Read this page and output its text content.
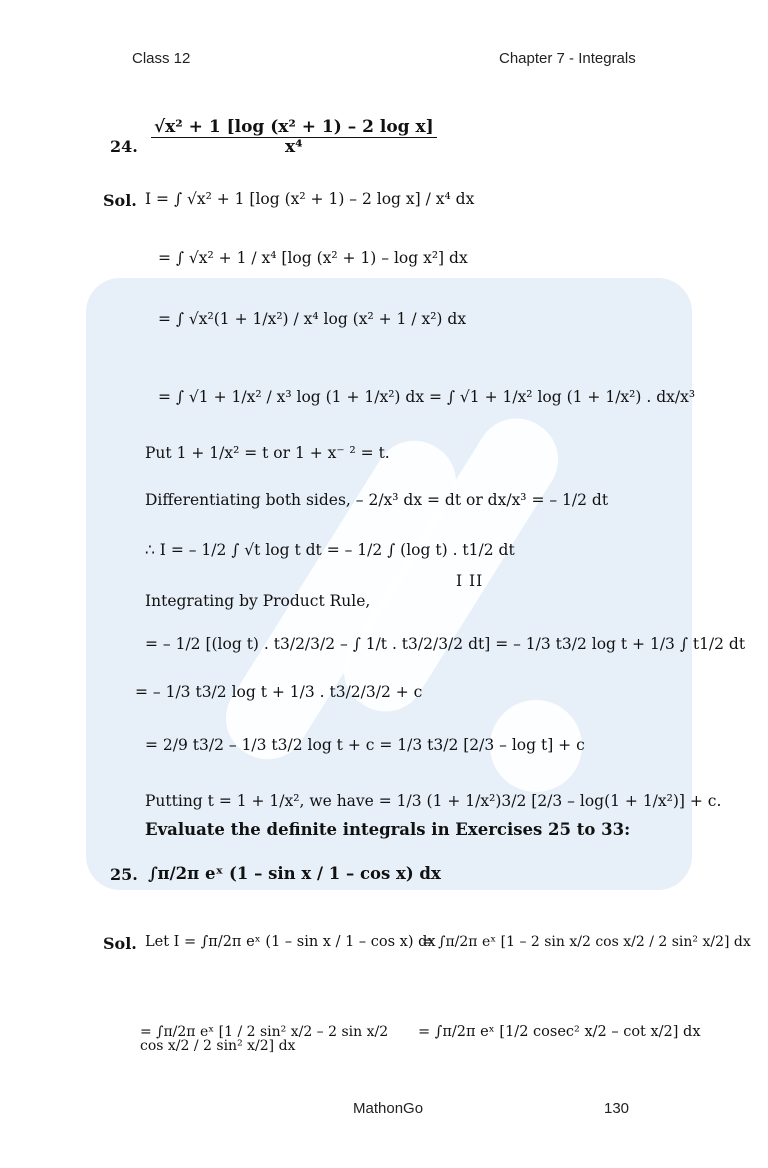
Class 12	Chapter 7 - Integrals
24. $\frac{\text{√x² + 1 [log (x² + 1) – 2 log x]}}{\text{x⁴}}$
Sol. I = ∫ √x² + 1 [log (x² + 1) – 2 log x] / x⁴ dx
= ∫ √x² + 1 / x⁴ [log (x² + 1) – log x²] dx
= ∫ √x²(1 + 1/x²) / x⁴ log (x² + 1 / x²) dx
= ∫ √1 + 1/x² / x³ log (1 + 1/x²) dx = ∫ √1 + 1/x² log (1 + 1/x²) . dx/x³
Put 1 + 1/x² = t or 1 + x⁻ ² = t.
Differentiating both sides, – 2/x³ dx = dt or dx/x³ = – 1/2 dt
∴ I = – 1/2 ∫ √t log t dt = – 1/2 ∫ (log t) . t1/2 dt
I II
Integrating by Product Rule,
= – 1/2 [(log t) . t3/2/3/2 – ∫ 1/t . t3/2/3/2 dt] = – 1/3 t3/2 log t + 1/3 ∫ t1/2 dt
= – 1/3 t3/2 log t + 1/3 . t3/2/3/2 + c
= 2/9 t3/2 – 1/3 t3/2 log t + c = 1/3 t3/2 [2/3 – log t] + c
Putting t = 1 + 1/x², we have = 1/3 (1 + 1/x²)3/2 [2/3 – log(1 + 1/x²)] + c.
Evaluate the definite integrals in Exercises 25 to 33:
25. ∫π/2π eˣ (1 – sin x / 1 – cos x) dx
Sol. Let I = ∫π/2π eˣ (1 – sin x / 1 – cos x) dx
= ∫π/2π eˣ [1 – 2 sin x/2 cos x/2 / 2 sin² x/2] dx
= ∫π/2π eˣ [1 / 2 sin² x/2 – 2 sin x/2 cos x/2 / 2 sin² x/2] dx
= ∫π/2π eˣ [1/2 cosec² x/2 – cot x/2] dx
MathonGo	130
